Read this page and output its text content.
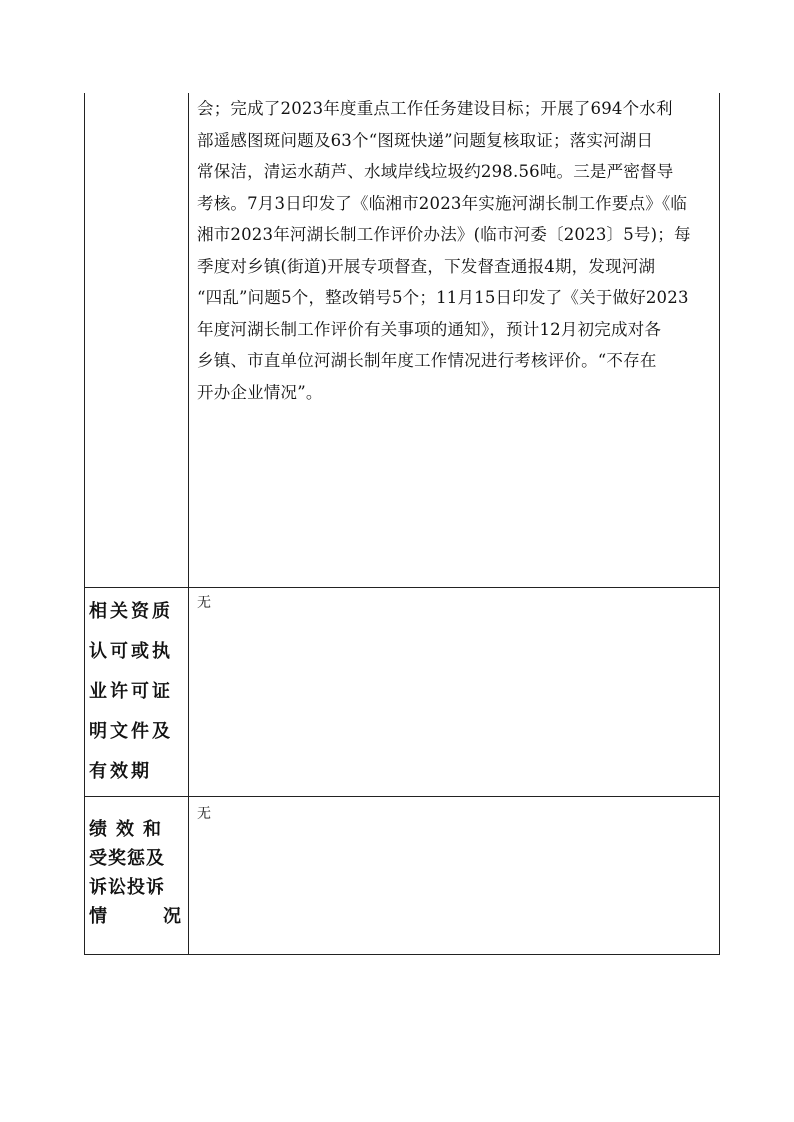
会；完成了2023年度重点工作任务建设目标；开展了694个水利

部遥感图斑问题及63个“图斑快递”问题复核取证；落实河湖日

常保洁，清运水葫芦、水域岸线垃圾约298.56吨。三是严密督导

考核。7月3日印发了《临湘市2023年实施河湖长制工作要点》《临

湘市2023年河湖长制工作评价办法》(临市河委〔2023〕5号)；每

季度对乡镇(街道)开展专项督查，下发督查通报4期，发现河湖

“四乱”问题5个，整改销号5个；11月15日印发了《关于做好2023

年度河湖长制工作评价有关事项的通知》，预计12月初完成对各

乡镇、市直单位河湖长制年度工作情况进行考核评价。“不存在

开办企业情况”。

相关资质
认可或执
业许可证
明文件及
有效期
无
绩效和
受奖惩及
诉讼投诉
情	况
无
